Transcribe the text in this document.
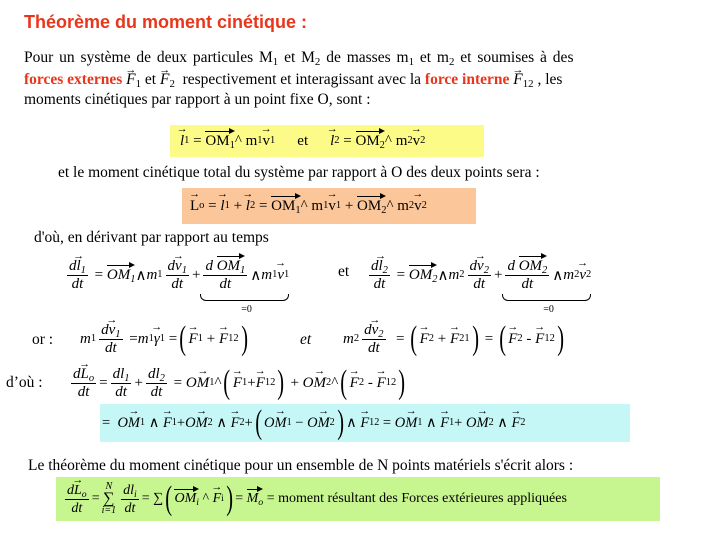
Théorème du moment cinétique :
Pour un système de deux particules $M_1$ et $M_2$ de masses $m_1$ et $m_2$ et soumises à des
forces externes → $F_1$ et → $F_2$ respectivement et interagissant avec la force interne → $F_{12}$ , les
moments cinétiques par rapport à un point fixe O, sont :
→ l $1 = OM_1$ ^ m 1 → v 1 et → l $2 = OM_2$ ^ m 2 → v 2
et le moment cinétique total du système par rapport à O des deux points sera :
→ L o = → l 1 + → l $2 = OM_1$ ^ m 1 → v $1 + OM_2$ ^ m 2 → v 2
d'où, en dérivant par rapport au temps
$\frac{d\to l_1}{dt} = OM_1$ ∧ m $1 \frac{d\to v_1}{dt} + \frac{d OM_1}{dt}$ ∧ m 1 → v 1
=0
et $\frac{d\to l_2}{dt} = OM_2$ ∧ m $2 \frac{d\to v_2}{dt} + \frac{d OM_2}{dt}$ ∧ m 2 → v 2
=0
or : m $1 \frac{d\to v_1}{dt} = m$ 1 → γ 1 = ( → F 1 + → F 12 )	et m $2 \frac{d\to v_2}{dt}$ = ( → F 2 + → F 21 ) = ( → F 2 - → F 12 )
d’où : $\frac{d\to L_o}{dt} = \frac{dl_1}{dt} + \frac{dl_2}{dt} = O\to M$ 1 ^ ( → F 1 + → F 12 ) + O→ M 2 ^ ( → F 2 - → F 12 )
= O→ M 1 ∧ → F 1 + O→ M 2 ∧ → F 2 + ( O→ M 1 − O→ M 2 ) ∧ → F 12 = O→ M 1 ∧ → F 1 + O→ M 2 ∧ → F 2
Le théorème du moment cinétique pour un ensemble de N points matériels s'écrit alors :
$\frac{d\to L_o}{dt}$ =
N
∑
$i=1 \frac{dl_i}{dt}$ = ∑ ( $OM_i$ ^ → F i ) = $M_o$
= moment résultant des Forces extérieures appliquées
